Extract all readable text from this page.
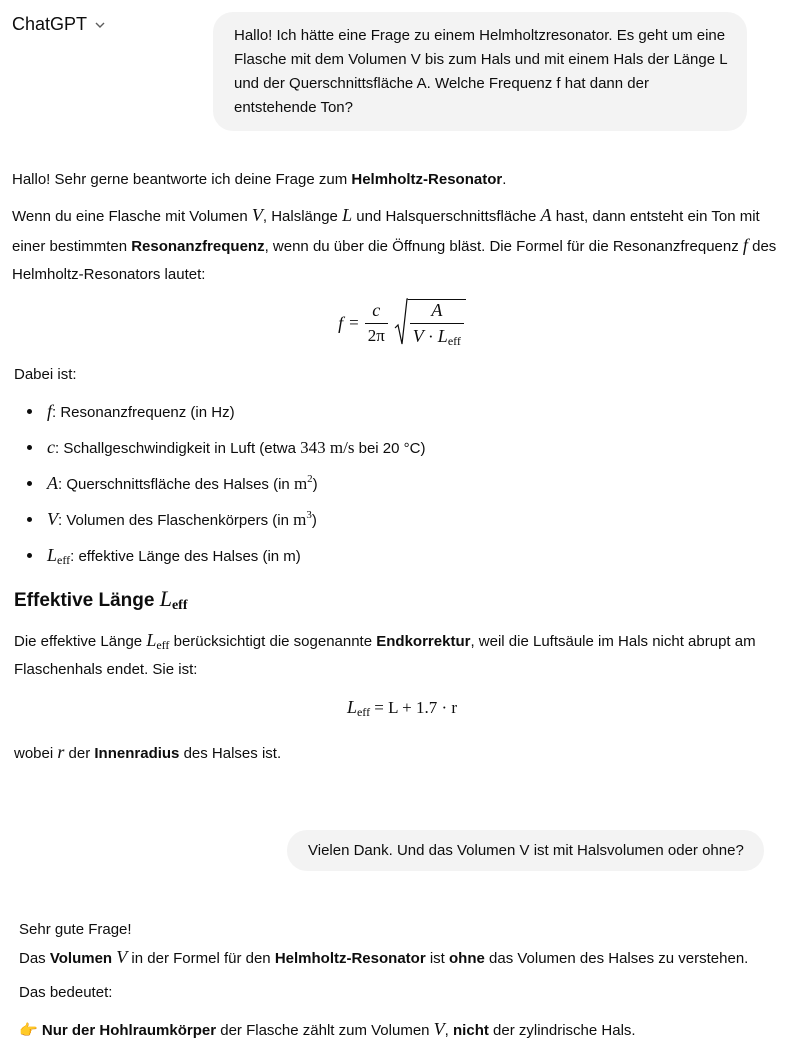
ChatGPT
Hallo! Ich hätte eine Frage zu einem Helmholtzresonator. Es geht um eine Flasche mit dem Volumen V bis zum Hals und mit einem Hals der Länge L und der Querschnittsfläche A. Welche Frequenz f hat dann der entstehende Ton?
Hallo! Sehr gerne beantworte ich deine Frage zum Helmholtz-Resonator.
Wenn du eine Flasche mit Volumen V, Halslänge L und Halsquerschnittsfläche A hast, dann entsteht ein Ton mit einer bestimmten Resonanzfrequenz, wenn du über die Öffnung bläst. Die Formel für die Resonanzfrequenz f des Helmholtz-Resonators lautet:
$f = \frac{c}{2\pi} \frac{A}{V \cdot L_{eff}}$
Dabei ist:
f: Resonanzfrequenz (in Hz)
c: Schallgeschwindigkeit in Luft (etwa 343 m/s bei 20 °C)
A: Querschnittsfläche des Halses (in $m^2$)
V: Volumen des Flaschenkörpers (in $m^3$)
$L_{eff}$: effektive Länge des Halses (in m)
Effektive Länge $L_{eff}$
Die effektive Länge $L_{eff}$ berücksichtigt die sogenannte Endkorrektur, weil die Luftsäule im Hals nicht abrupt am Flaschenhals endet. Sie ist:
$L_{eff} = L + 1.7 \cdot r$
wobei r der Innenradius des Halses ist.
Vielen Dank. Und das Volumen V ist mit Halsvolumen oder ohne?
Sehr gute Frage!
Das Volumen V in der Formel für den Helmholtz-Resonator ist ohne das Volumen des Halses zu verstehen.
Das bedeutet:
👉 Nur der Hohlraumkörper der Flasche zählt zum Volumen V, nicht der zylindrische Hals.
